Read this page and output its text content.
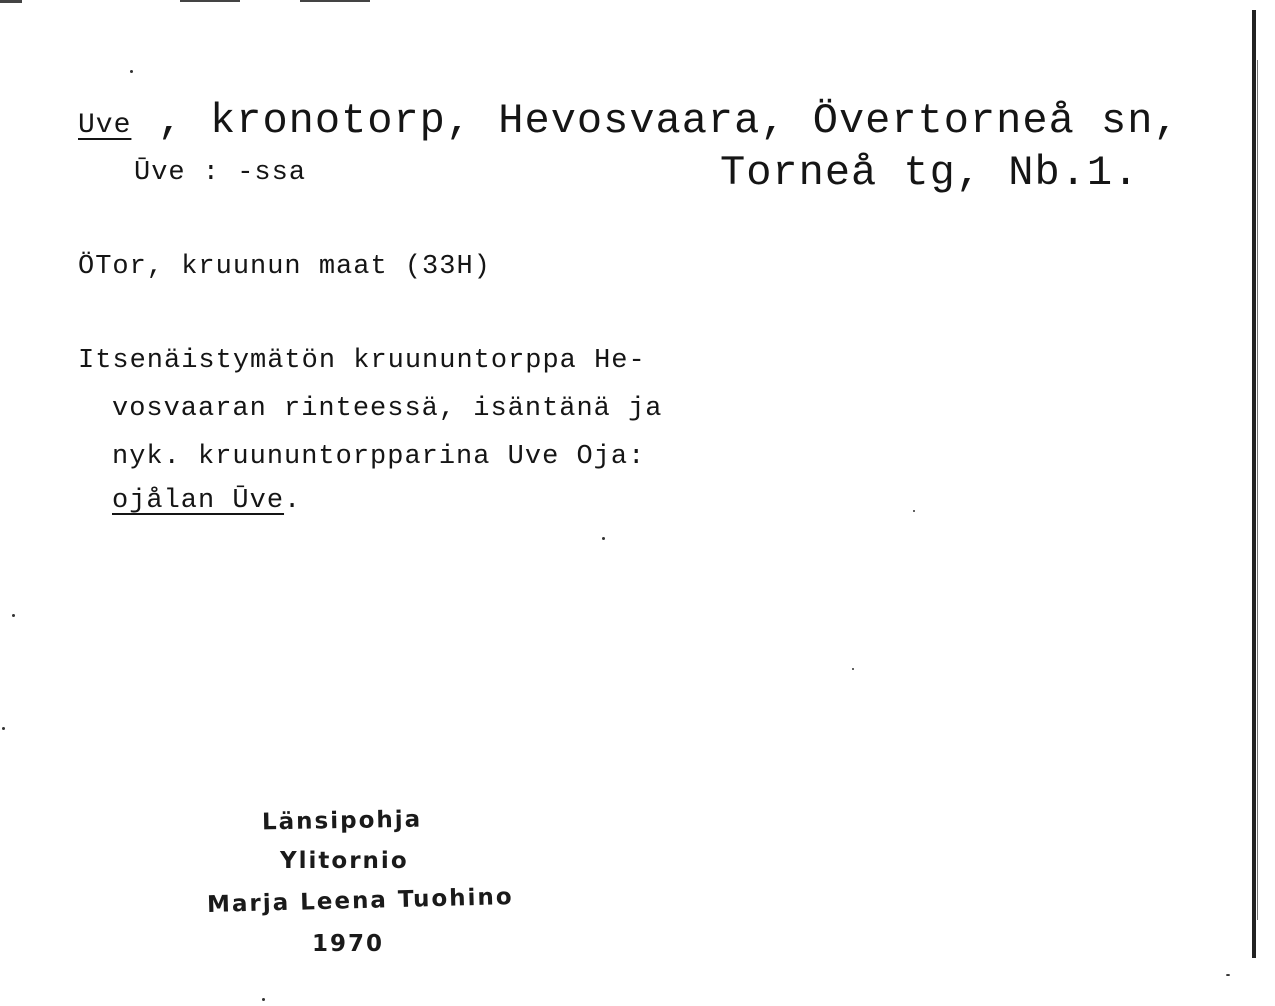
Uve , kronotorp, Hevosvaara, Övertorneå sn,
Ūve : -ssa	Torneå tg, Nb.1.
ÖTor, kruunun maat (33H)
Itsenäistymätön kruununtorppa He-
vosvaaran rinteessä, isäntänä ja
nyk. kruununtorpparina Uve Oja:
ojålan Ūve.
Länsipohja
Ylitornio
Marja Leena Tuohino
1970
